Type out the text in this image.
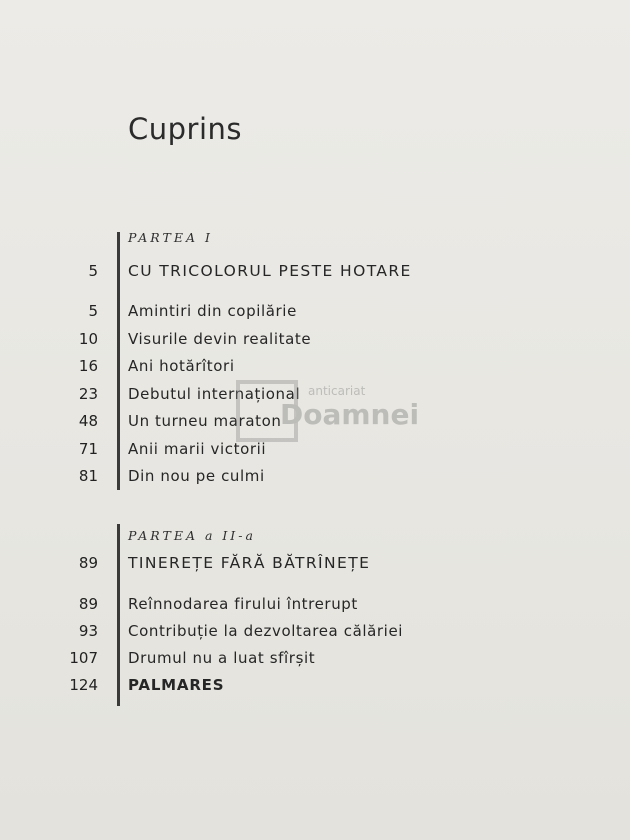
Cuprins
PARTEA I
5 CU TRICOLORUL PESTE HOTARE
5 Amintiri din copilărie
10 Visurile devin realitate
16 Ani hotărîtori
23 Debutul internațional
48 Un turneu maraton
71 Anii marii victorii
81 Din nou pe culmi
PARTEA a II-a
89 TINEREȚE FĂRĂ BĂTRÎNEȚE
89 Reînnodarea firului întrerupt
93 Contribuție la dezvoltarea călăriei
107 Drumul nu a luat sfîrșit
124 PALMARES
anticariat
Doamnei
